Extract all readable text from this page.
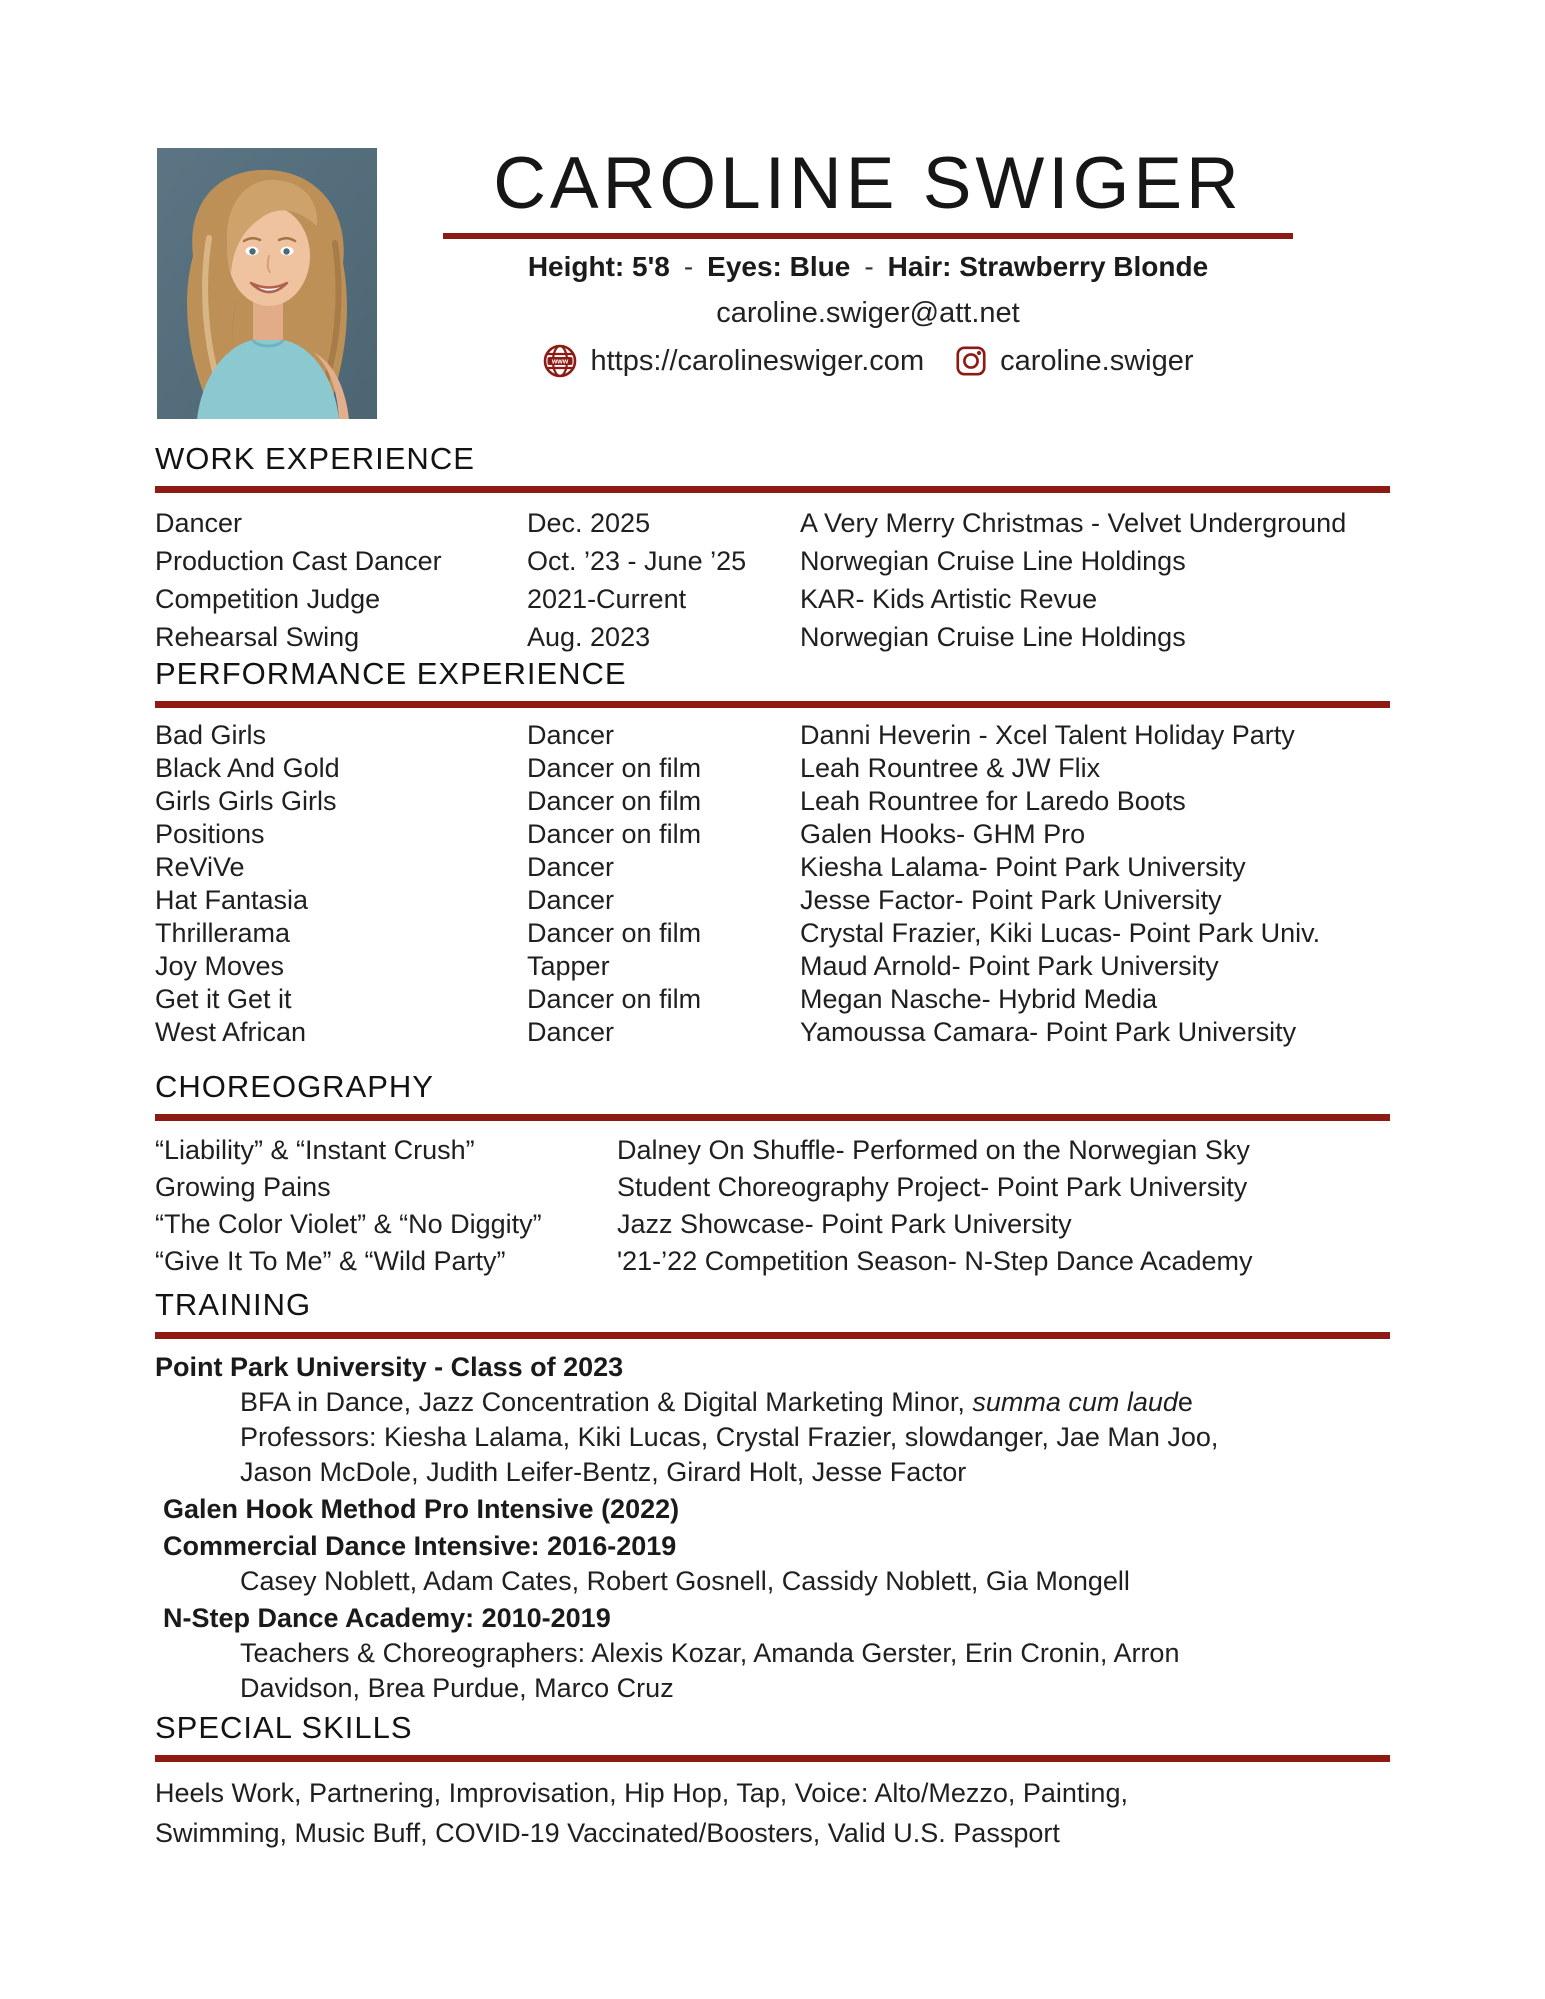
CAROLINE SWIGER
Height: 5'8 - Eyes: Blue - Hair: Strawberry Blonde
caroline.swiger@att.net
www https://carolineswiger.com	caroline.swiger
WORK EXPERIENCE
Dancer	Dec. 2025	A Very Merry Christmas - Velvet Underground
Production Cast Dancer	Oct. ’23 - June ’25	Norwegian Cruise Line Holdings
Competition Judge	2021-Current	KAR- Kids Artistic Revue
Rehearsal Swing	Aug. 2023	Norwegian Cruise Line Holdings
PERFORMANCE EXPERIENCE
Bad Girls	Dancer	Danni Heverin - Xcel Talent Holiday Party
Black And Gold	Dancer on film	Leah Rountree & JW Flix
Girls Girls Girls	Dancer on film	Leah Rountree for Laredo Boots
Positions	Dancer on film	Galen Hooks- GHM Pro
ReViVe	Dancer	Kiesha Lalama- Point Park University
Hat Fantasia	Dancer	Jesse Factor- Point Park University
Thrillerama	Dancer on film	Crystal Frazier, Kiki Lucas- Point Park Univ.
Joy Moves	Tapper	Maud Arnold- Point Park University
Get it Get it	Dancer on film	Megan Nasche- Hybrid Media
West African	Dancer	Yamoussa Camara- Point Park University
CHOREOGRAPHY
“Liability” & “Instant Crush”	Dalney On Shuffle- Performed on the Norwegian Sky
Growing Pains	Student Choreography Project- Point Park University
“The Color Violet” & “No Diggity”	Jazz Showcase- Point Park University
“Give It To Me” & “Wild Party”	'21-’22 Competition Season- N-Step Dance Academy
TRAINING
Point Park University - Class of 2023
BFA in Dance, Jazz Concentration & Digital Marketing Minor, summa cum laude
Professors: Kiesha Lalama, Kiki Lucas, Crystal Frazier, slowdanger, Jae Man Joo,
Jason McDole, Judith Leifer-Bentz, Girard Holt, Jesse Factor
Galen Hook Method Pro Intensive (2022)
Commercial Dance Intensive: 2016-2019
Casey Noblett, Adam Cates, Robert Gosnell, Cassidy Noblett, Gia Mongell
N-Step Dance Academy: 2010-2019
Teachers & Choreographers: Alexis Kozar, Amanda Gerster, Erin Cronin, Arron
Davidson, Brea Purdue, Marco Cruz
SPECIAL SKILLS
Heels Work, Partnering, Improvisation, Hip Hop, Tap, Voice: Alto/Mezzo, Painting,
Swimming, Music Buff, COVID-19 Vaccinated/Boosters, Valid U.S. Passport
